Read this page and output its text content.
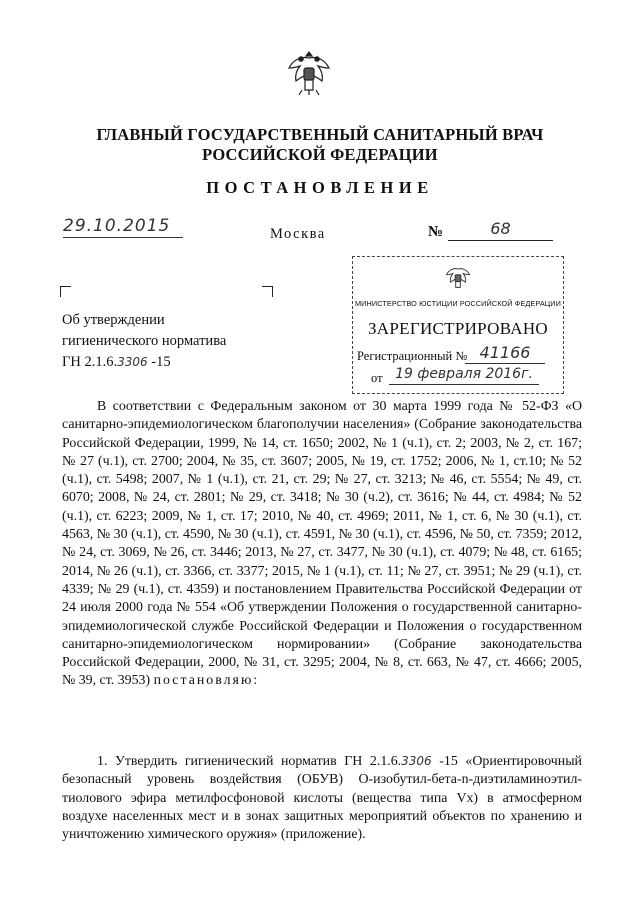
ГЛАВНЫЙ ГОСУДАРСТВЕННЫЙ САНИТАРНЫЙ ВРАЧ
РОССИЙСКОЙ ФЕДЕРАЦИИ
ПОСТАНОВЛЕНИЕ
29.10.2015	Москва	№	68
Об утверждении
гигиенического норматива
ГН 2.1.6.3306 -15
МИНИСТЕРСТВО ЮСТИЦИИ РОССИЙСКОЙ ФЕДЕРАЦИИ
ЗАРЕГИСТРИРОВАНО
Регистрационный № 41166
от 19 февраля 2016г.

В соответствии с Федеральным законом от 30 марта 1999 года № 52-ФЗ «О санитарно-эпидемиологическом благополучии населения» (Собрание законодательства Российской Федерации, 1999, № 14, ст. 1650; 2002, № 1 (ч.1), ст. 2; 2003, № 2, ст. 167; № 27 (ч.1), ст. 2700; 2004, № 35, ст. 3607; 2005, № 19, ст. 1752; 2006, № 1, ст.10; № 52 (ч.1), ст. 5498; 2007, № 1 (ч.1), ст. 21, ст. 29; № 27, ст. 3213; № 46, ст. 5554; № 49, ст. 6070; 2008, № 24, ст. 2801; № 29, ст. 3418; № 30 (ч.2), ст. 3616; № 44, ст. 4984; № 52 (ч.1), ст. 6223; 2009, № 1, ст. 17; 2010, № 40, ст. 4969; 2011, № 1, ст. 6, № 30 (ч.1), ст. 4563, № 30 (ч.1), ст. 4590, № 30 (ч.1), ст. 4591, № 30 (ч.1), ст. 4596, № 50, ст. 7359; 2012, № 24, ст. 3069, № 26, ст. 3446; 2013, № 27, ст. 3477, № 30 (ч.1), ст. 4079; № 48, ст. 6165; 2014, № 26 (ч.1), ст. 3366, ст. 3377; 2015, № 1 (ч.1), ст. 11; № 27, ст. 3951; № 29 (ч.1), ст. 4339; № 29 (ч.1), ст. 4359) и постановлением Правительства Российской Федерации от 24 июля 2000 года № 554 «Об утверждении Положения о государственной санитарно-эпидемиологической службе Российской Федерации и Положения о государственном санитарно-эпидемиологическом нормировании» (Собрание законодательства Российской Федерации, 2000, № 31, ст. 3295; 2004, № 8, ст. 663, № 47, ст. 4666; 2005, № 39, ст. 3953) постановляю:

1. Утвердить гигиенический норматив ГН 2.1.6.3306 -15 «Ориентировочный безопасный уровень воздействия (ОБУВ) О-изобутил-бета-n-диэтиламиноэтил-тиолового эфира метилфосфоновой кислоты (вещества типа Vx) в атмосферном воздухе населенных мест и в зонах защитных мероприятий объектов по хранению и уничтожению химического оружия» (приложение).
